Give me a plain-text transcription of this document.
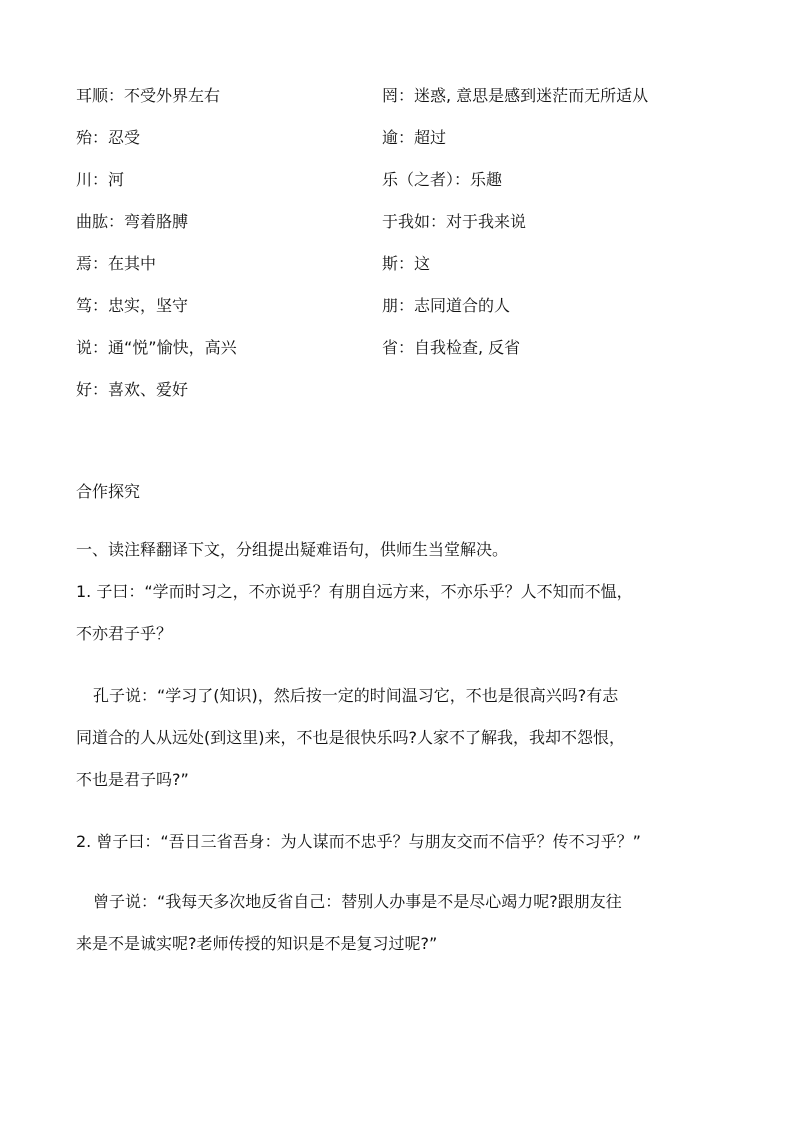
耳顺：不受外界左右	罔：迷惑, 意思是感到迷茫而无所适从
殆：忍受	逾：超过
川：河	乐（之者）：乐趣
曲肱：弯着胳膊	于我如：对于我来说
焉：在其中	斯：这
笃：忠实，坚守	朋：志同道合的人
说：通“悦”愉快，高兴	省：自我检查, 反省
好：喜欢、爱好
合作探究
一、读注释翻译下文，分组提出疑难语句，供师生当堂解决。
1. 子曰：“学而时习之，不亦说乎？有朋自远方来，不亦乐乎？人不知而不愠，
不亦君子乎？
孔子说：“学习了(知识)，然后按一定的时间温习它，不也是很高兴吗?有志
同道合的人从远处(到这里)来，不也是很快乐吗?人家不了解我，我却不怨恨，
不也是君子吗?”
2. 曾子曰：“吾日三省吾身：为人谋而不忠乎？与朋友交而不信乎？传不习乎？”
曾子说：“我每天多次地反省自己：替别人办事是不是尽心竭力呢?跟朋友往
来是不是诚实呢?老师传授的知识是不是复习过呢?”
